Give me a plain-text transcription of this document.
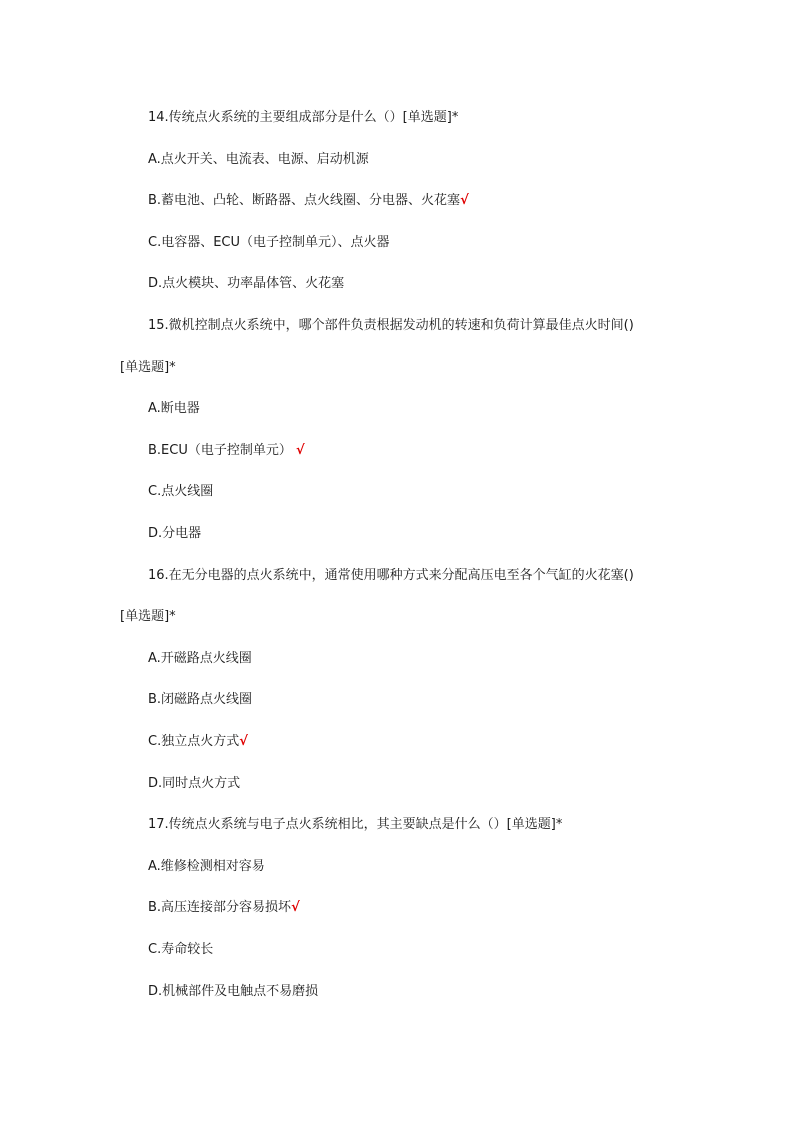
14.传统点火系统的主要组成部分是什么（）[单选题]*
A.点火开关、电流表、电源、启动机源
B.蓄电池、凸轮、断路器、点火线圈、分电器、火花塞√
C.电容器、ECU（电子控制单元）、点火器
D.点火模块、功率晶体管、火花塞
15.微机控制点火系统中，哪个部件负责根据发动机的转速和负荷计算最佳点火时间()
[单选题]*
A.断电器
B.ECU（电子控制单元） √
C.点火线圈
D.分电器
16.在无分电器的点火系统中，通常使用哪种方式来分配高压电至各个气缸的火花塞()
[单选题]*
A.开磁路点火线圈
B.闭磁路点火线圈
C.独立点火方式√
D.同时点火方式
17.传统点火系统与电子点火系统相比，其主要缺点是什么（）[单选题]*
A.维修检测相对容易
B.高压连接部分容易损坏√
C.寿命较长
D.机械部件及电触点不易磨损
